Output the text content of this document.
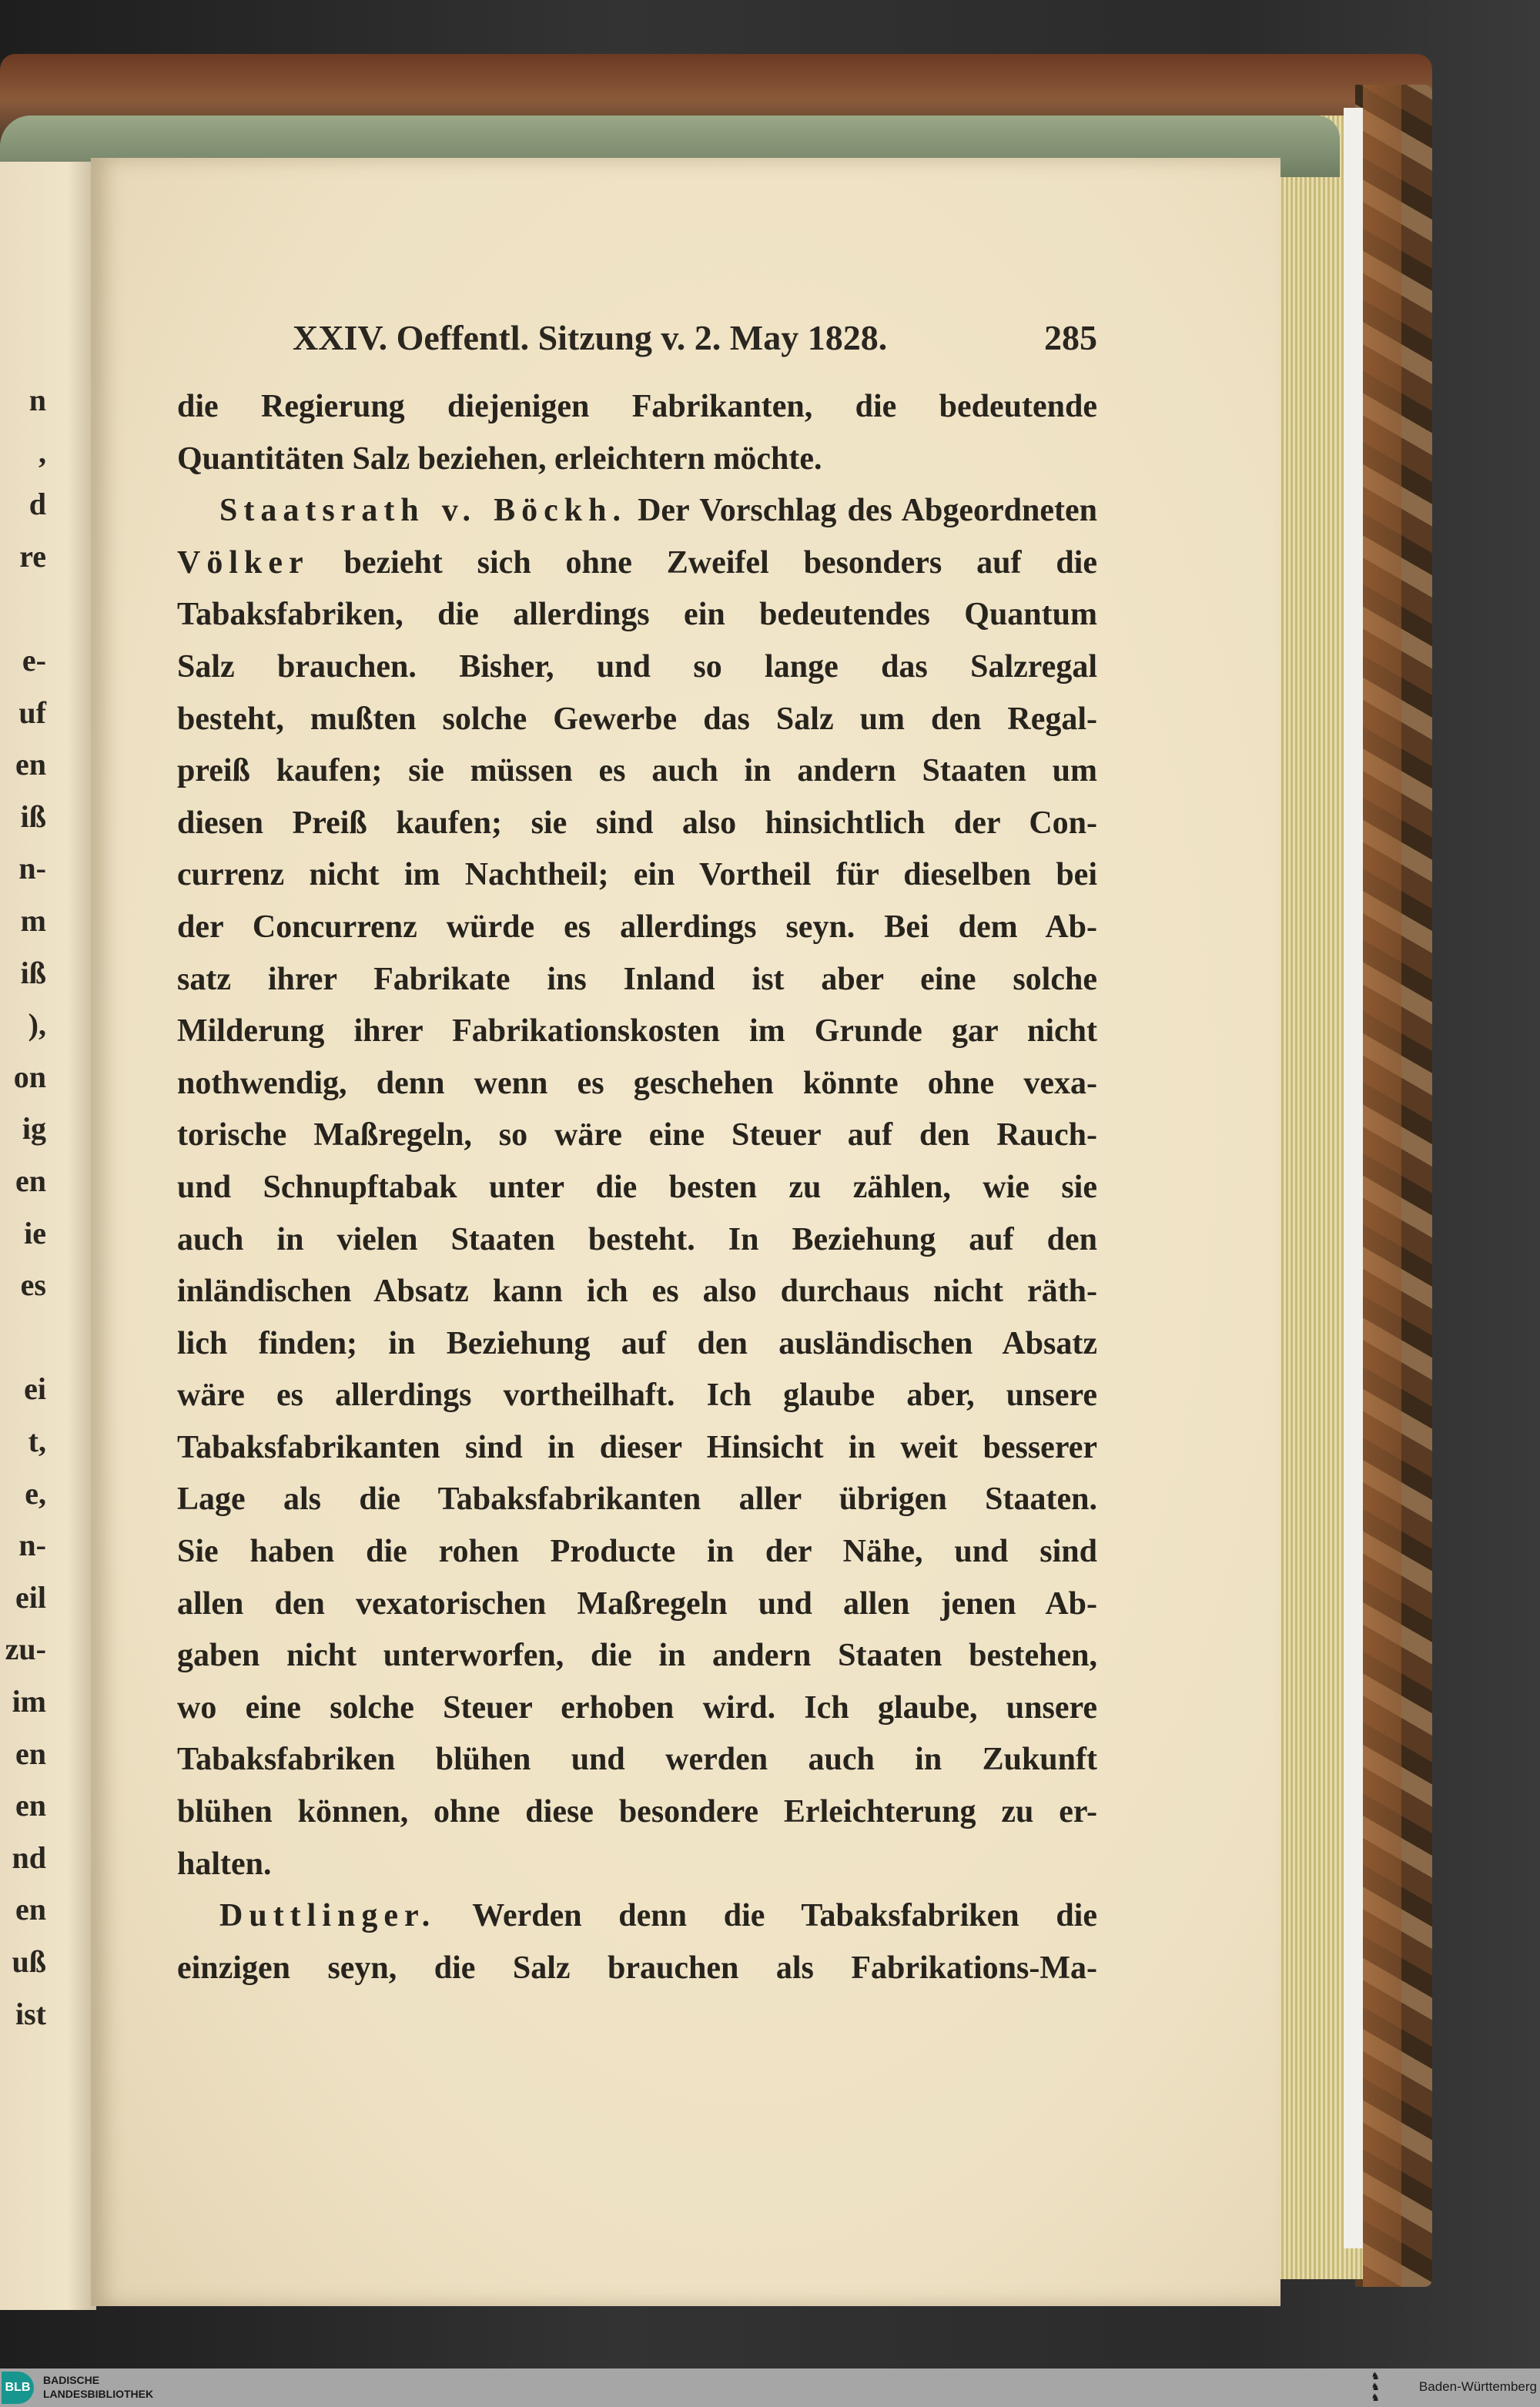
XXIV. Oeffentl. Sitzung v. 2. May 1828.	285
die Regierung diejenigen Fabrikanten, die bedeutende
Quantitäten Salz beziehen, erleichtern möchte.
Staatsrath v. Böckh. Der Vorschlag des Abgeordneten
Völker bezieht sich ohne Zweifel besonders auf die
Tabaksfabriken, die allerdings ein bedeutendes Quantum
Salz brauchen. Bisher, und so lange das Salzregal
besteht, mußten solche Gewerbe das Salz um den Regal-
preiß kaufen; sie müssen es auch in andern Staaten um
diesen Preiß kaufen; sie sind also hinsichtlich der Con-
currenz nicht im Nachtheil; ein Vortheil für dieselben bei
der Concurrenz würde es allerdings seyn. Bei dem Ab-
satz ihrer Fabrikate ins Inland ist aber eine solche
Milderung ihrer Fabrikationskosten im Grunde gar nicht
nothwendig, denn wenn es geschehen könnte ohne vexa-
torische Maßregeln, so wäre eine Steuer auf den Rauch-
und Schnupftabak unter die besten zu zählen, wie sie
auch in vielen Staaten besteht. In Beziehung auf den
inländischen Absatz kann ich es also durchaus nicht räth-
lich finden; in Beziehung auf den ausländischen Absatz
wäre es allerdings vortheilhaft. Ich glaube aber, unsere
Tabaksfabrikanten sind in dieser Hinsicht in weit besserer
Lage als die Tabaksfabrikanten aller übrigen Staaten.
Sie haben die rohen Producte in der Nähe, und sind
allen den vexatorischen Maßregeln und allen jenen Ab-
gaben nicht unterworfen, die in andern Staaten bestehen,
wo eine solche Steuer erhoben wird. Ich glaube, unsere
Tabaksfabriken blühen und werden auch in Zukunft
blühen können, ohne diese besondere Erleichterung zu er-
halten.
Duttlinger. Werden denn die Tabaksfabriken die
einzigen seyn, die Salz brauchen als Fabrikations-Ma-
BLB
BADISCHE
LANDESBIBLIOTHEK
♞
♞
♞
Baden-Württemberg
n
,
d
re
e-
uf
en
iß
n-
m
iß
),
on
ig
en
ie
es
ei
t,
e,
n-
eil
zu-
im
en
en
nd
en
uß
ist
